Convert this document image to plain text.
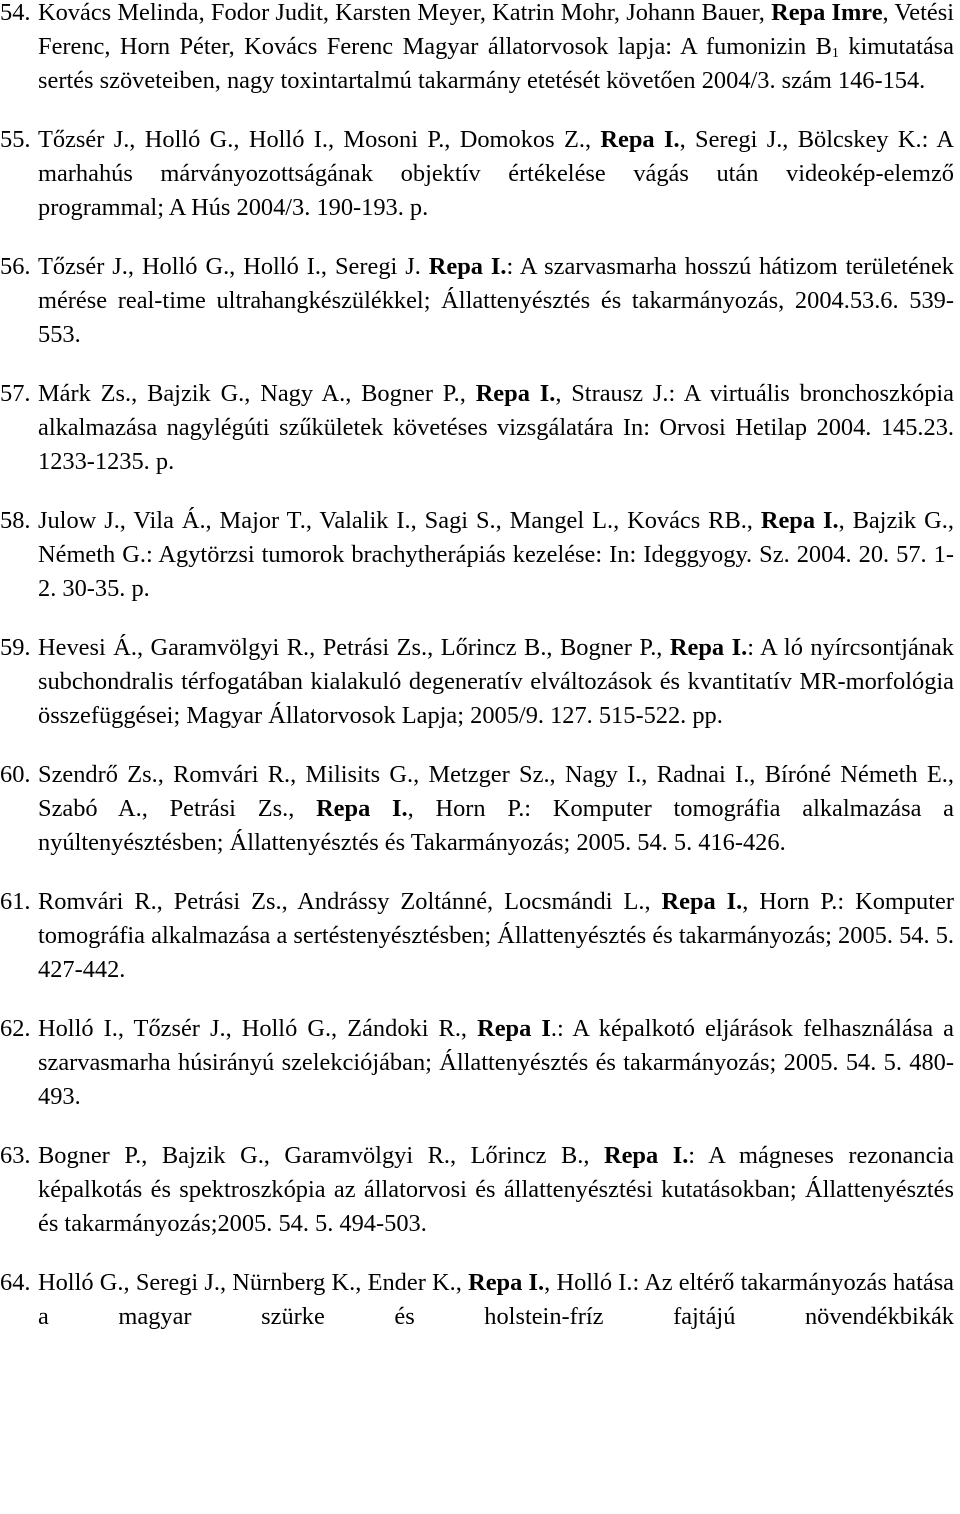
54. Kovács Melinda, Fodor Judit, Karsten Meyer, Katrin Mohr, Johann Bauer, Repa Imre, Vetési Ferenc, Horn Péter, Kovács Ferenc Magyar állatorvosok lapja: A fumonizin $B_1$ kimutatása sertés szöveteiben, nagy toxintartalmú takarmány etetését követően 2004/3. szám 146-154.

55. Tőzsér J., Holló G., Holló I., Mosoni P., Domokos Z., Repa I., Seregi J., Bölcskey K.: A marhahús márványozottságának objektív értékelése vágás után videokép-elemző programmal; A Hús 2004/3. 190-193. p.

56. Tőzsér J., Holló G., Holló I., Seregi J. Repa I.: A szarvasmarha hosszú hátizom területének mérése real-time ultrahangkészülékkel; Állattenyésztés és takarmányozás, 2004.53.6. 539-553.

57. Márk Zs., Bajzik G., Nagy A., Bogner P., Repa I., Strausz J.: A virtuális bronchoszkópia alkalmazása nagylégúti szűkületek követéses vizsgálatára In: Orvosi Hetilap 2004. 145.23. 1233-1235. p.

58. Julow J., Vila Á., Major T., Valalik I., Sagi S., Mangel L., Kovács RB., Repa I., Bajzik G., Németh G.: Agytörzsi tumorok brachytherápiás kezelése: In: Ideggyogy. Sz. 2004. 20. 57. 1-2. 30-35. p.

59. Hevesi Á., Garamvölgyi R., Petrási Zs., Lőrincz B., Bogner P., Repa I.: A ló nyírcsontjának subchondralis térfogatában kialakuló degeneratív elváltozások és kvantitatív MR-morfológia összefüggései; Magyar Állatorvosok Lapja; 2005/9. 127. 515-522. pp.

60. Szendrő Zs., Romvári R., Milisits G., Metzger Sz., Nagy I., Radnai I., Bíróné Németh E., Szabó A., Petrási Zs., Repa I., Horn P.: Komputer tomográfia alkalmazása a nyúltenyésztésben; Állattenyésztés és Takarmányozás; 2005. 54. 5. 416-426.

61. Romvári R., Petrási Zs., Andrássy Zoltánné, Locsmándi L., Repa I., Horn P.: Komputer tomográfia alkalmazása a sertéstenyésztésben; Állattenyésztés és takarmányozás; 2005. 54. 5. 427-442.

62. Holló I., Tőzsér J., Holló G., Zándoki R., Repa I.: A képalkotó eljárások felhasználása a szarvasmarha húsirányú szelekciójában; Állattenyésztés és takarmányozás; 2005. 54. 5. 480-493.

63. Bogner P., Bajzik G., Garamvölgyi R., Lőrincz B., Repa I.: A mágneses rezonancia képalkotás és spektroszkópia az állatorvosi és állattenyésztési kutatásokban; Állattenyésztés és takarmányozás;2005. 54. 5. 494-503.

64. Holló G., Seregi J., Nürnberg K., Ender K., Repa I., Holló I.: Az eltérő takarmányozás hatása a magyar szürke és holstein-fríz fajtájú növendékbikák
